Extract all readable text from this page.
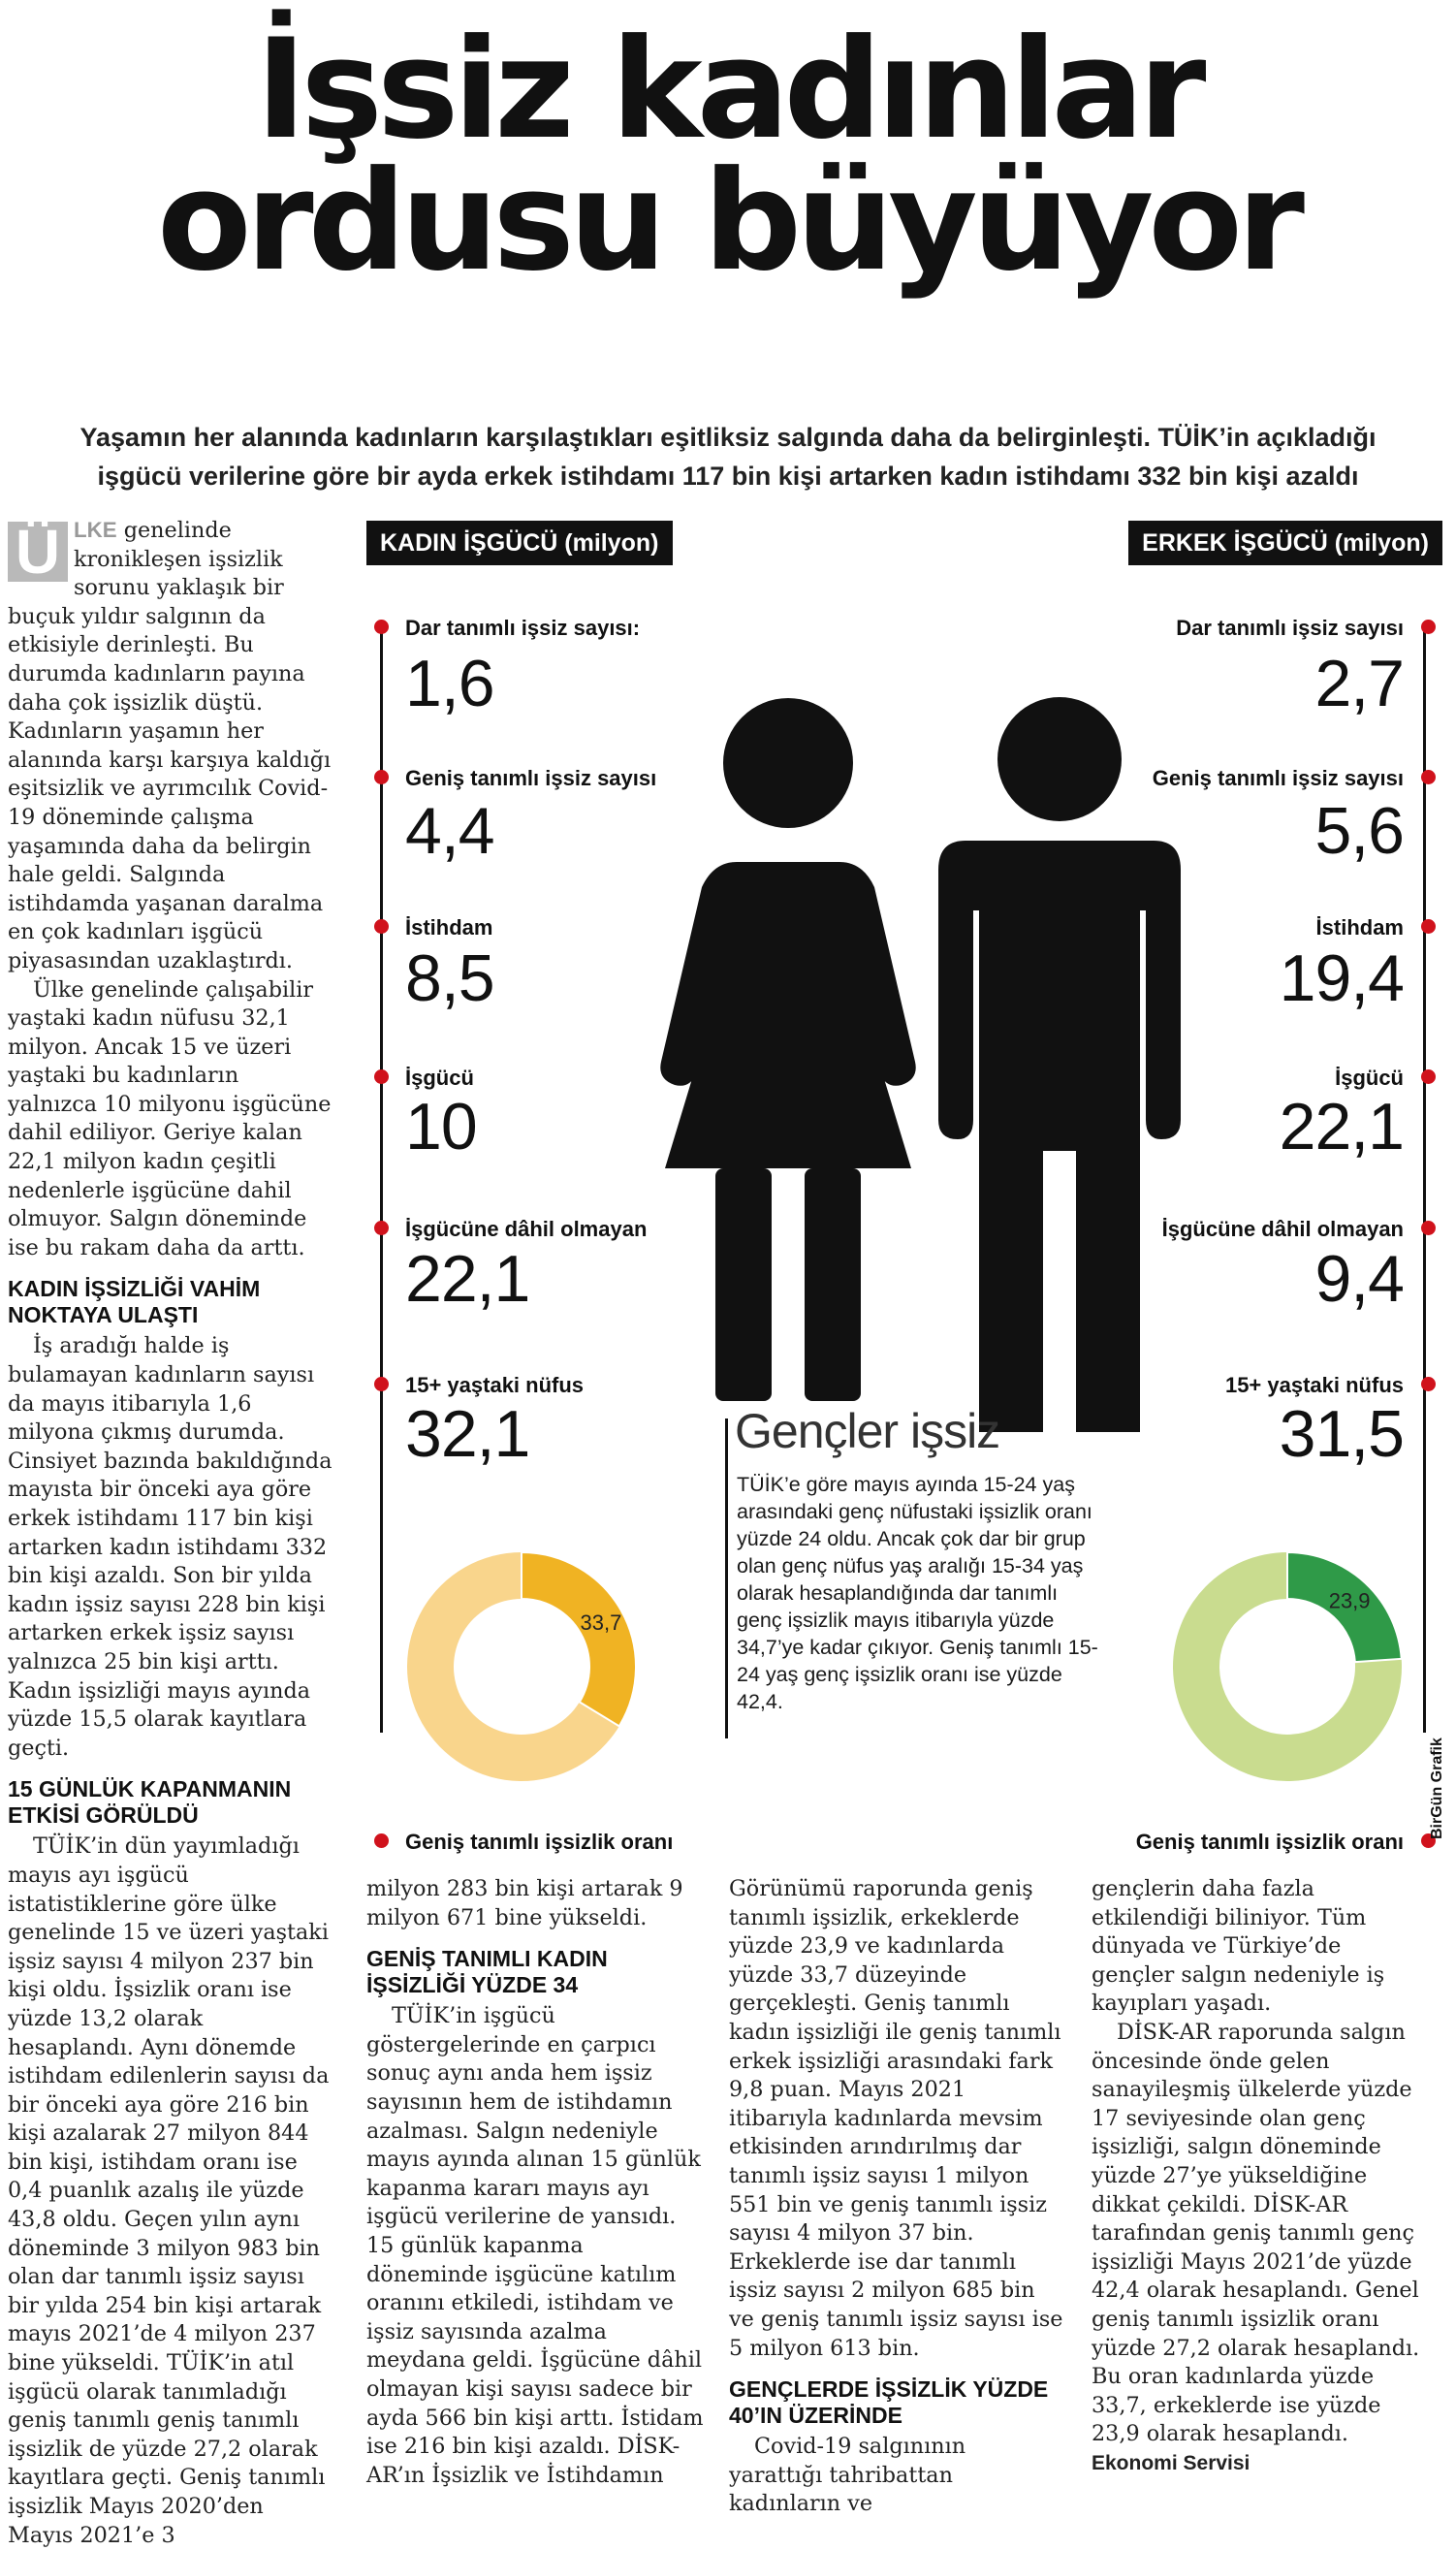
İşsiz kadınlar
ordusu büyüyor
Yaşamın her alanında kadınların karşılaştıkları eşitliksiz salgında daha da belirginleşti. TÜİK’in açıkladığı
işgücü verilerine göre bir ayda erkek istihdamı 117 bin kişi artarken kadın istihdamı 332 bin kişi azaldı

Ü LKE genelinde kronikleşen işsizlik sorunu yaklaşık bir buçuk yıldır salgının da etkisiyle derinleşti. Bu durumda kadınların payına daha çok işsizlik düştü. Kadınların yaşamın her alanında karşı karşıya kaldığı eşitsizlik ve ayrımcılık Covid-19 döneminde çalışma yaşamında daha da belirgin hale geldi. Salgında istihdamda yaşanan daralma en çok kadınları işgücü piyasasından uzaklaştırdı.

Ülke genelinde çalışabilir yaştaki kadın nüfusu 32,1 milyon. Ancak 15 ve üzeri yaştaki bu kadınların yalnızca 10 milyonu işgücüne dahil ediliyor. Geriye kalan 22,1 milyon kadın çeşitli nedenlerle işgücüne dahil olmuyor. Salgın döneminde ise bu rakam daha da arttı.

KADIN İŞSİZLİĞİ VAHİM NOKTAYA ULAŞTI

İş aradığı halde iş bulamayan kadınların sayısı da mayıs itibarıyla 1,6 milyona çıkmış durumda. Cinsiyet bazında bakıldığında mayısta bir önceki aya göre erkek istihdamı 117 bin kişi artarken kadın istihdamı 332 bin kişi azaldı. Son bir yılda kadın işsiz sayısı 228 bin kişi artarken erkek işsiz sayısı yalnızca 25 bin kişi arttı. Kadın işsizliği mayıs ayında yüzde 15,5 olarak kayıtlara geçti.

15 GÜNLÜK KAPANMANIN ETKİSİ GÖRÜLDÜ

TÜİK’in dün yayımladığı mayıs ayı işgücü istatistiklerine göre ülke genelinde 15 ve üzeri yaştaki işsiz sayısı 4 milyon 237 bin kişi oldu. İşsizlik oranı ise yüzde 13,2 olarak hesaplandı. Aynı dönemde istihdam edilenlerin sayısı da bir önceki aya göre 216 bin kişi azalarak 27 milyon 844 bin kişi, istihdam oranı ise 0,4 puanlık azalış ile yüzde 43,8 oldu. Geçen yılın aynı döneminde 3 milyon 983 bin olan dar tanımlı işsiz sayısı bir yılda 254 bin kişi artarak mayıs 2021’de 4 milyon 237 bine yükseldi. TÜİK’in atıl işgücü olarak tanımladığı geniş tanımlı geniş tanımlı işsizlik de yüzde 27,2 olarak kayıtlara geçti. Geniş tanımlı işsizlik Mayıs 2020’den Mayıs 2021’e 3

KADIN İŞGÜCÜ (milyon)	ERKEK İŞGÜCÜ (milyon)
Dar tanımlı işsiz sayısı:
1,6
Geniş tanımlı işsiz sayısı
4,4
İstihdam
8,5
İşgücü
10
İşgücüne dâhil olmayan
22,1
15+ yaştaki nüfus
32,1
Dar tanımlı işsiz sayısı
2,7
Geniş tanımlı işsiz sayısı
5,6
İstihdam
19,4
İşgücü
22,1
İşgücüne dâhil olmayan
9,4
15+ yaştaki nüfus
31,5
Gençler işsiz
TÜİK’e göre mayıs ayında 15-24 yaş arasındaki genç nüfustaki işsizlik oranı yüzde 24 oldu. Ancak çok dar bir grup olan genç nüfus yaş aralığı 15-34 yaş olarak hesaplandığında dar tanımlı genç işsizlik mayıs itibarıyla yüzde 34,7’ye kadar çıkıyor. Geniş tanımlı 15-24 yaş genç işsizlik oranı ise yüzde 42,4.
33,7
Geniş tanımlı işsizlik oranı
23,9
Geniş tanımlı işsizlik oranı
BirGün Grafik

milyon 283 bin kişi artarak 9 milyon 671 bine yükseldi.

GENİŞ TANIMLI KADIN İŞSİZLİĞİ YÜZDE 34

TÜİK’in işgücü göstergelerinde en çarpıcı sonuç aynı anda hem işsiz sayısının hem de istihdamın azalması. Salgın nedeniyle mayıs ayında alınan 15 günlük kapanma kararı mayıs ayı işgücü verilerine de yansıdı. 15 günlük kapanma döneminde işgücüne katılım oranını etkiledi, istihdam ve işsiz sayısında azalma meydana geldi. İşgücüne dâhil olmayan kişi sayısı sadece bir ayda 566 bin kişi arttı. İstidam ise 216 bin kişi azaldı. DİSK-AR’ın İşsizlik ve İstihdamın

Görünümü raporunda geniş tanımlı işsizlik, erkeklerde yüzde 23,9 ve kadınlarda yüzde 33,7 düzeyinde gerçekleşti. Geniş tanımlı kadın işsizliği ile geniş tanımlı erkek işsizliği arasındaki fark 9,8 puan. Mayıs 2021 itibarıyla kadınlarda mevsim etkisinden arındırılmış dar tanımlı işsiz sayısı 1 milyon 551 bin ve geniş tanımlı işsiz sayısı 4 milyon 37 bin. Erkeklerde ise dar tanımlı işsiz sayısı 2 milyon 685 bin ve geniş tanımlı işsiz sayısı ise 5 milyon 613 bin.

GENÇLERDE İŞSİZLİK YÜZDE 40’IN ÜZERİNDE

Covid-19 salgınının yarattığı tahribattan kadınların ve

gençlerin daha fazla etkilendiği biliniyor. Tüm dünyada ve Türkiye’de gençler salgın nedeniyle iş kayıpları yaşadı.

DİSK-AR raporunda salgın öncesinde önde gelen sanayileşmiş ülkelerde yüzde 17 seviyesinde olan genç işsizliği, salgın döneminde yüzde 27’ye yükseldiğine dikkat çekildi. DİSK-AR tarafından geniş tanımlı genç işsizliği Mayıs 2021’de yüzde 42,4 olarak hesaplandı. Genel geniş tanımlı işsizlik oranı yüzde 27,2 olarak hesaplandı. Bu oran kadınlarda yüzde 33,7, erkeklerde ise yüzde 23,9 olarak hesaplandı.

Ekonomi Servisi
